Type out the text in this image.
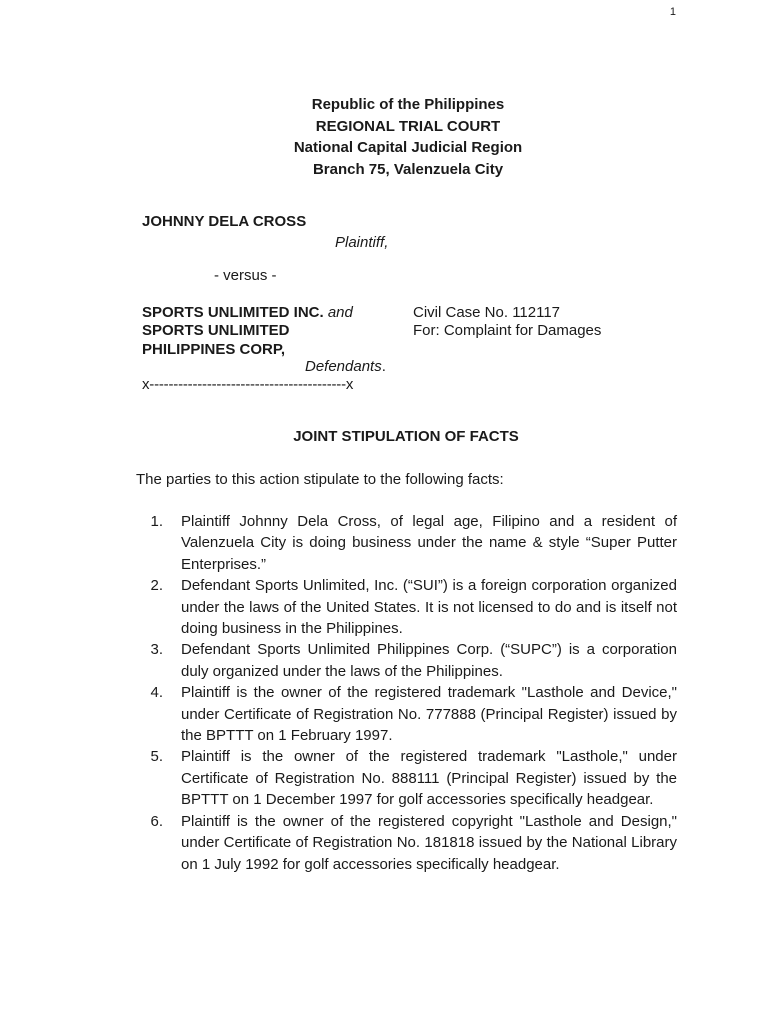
1
Republic of the Philippines
REGIONAL TRIAL COURT
National Capital Judicial Region
Branch 75, Valenzuela City
JOHNNY DELA CROSS
Plaintiff,
- versus -
SPORTS UNLIMITED INC. and
SPORTS UNLIMITED
PHILIPPINES CORP,
Defendants.
x-----------------------------------------x
Civil Case No. 112117
For: Complaint for Damages
JOINT STIPULATION OF FACTS
The parties to this action stipulate to the following facts:
1.	Plaintiff Johnny Dela Cross, of legal age, Filipino and a resident of Valenzuela City is doing business under the name & style “Super Putter Enterprises.”
2.	Defendant Sports Unlimited, Inc. (“SUI”) is a foreign corporation organized under the laws of the United States. It is not licensed to do and is itself not doing business in the Philippines.
3.	Defendant Sports Unlimited Philippines Corp. (“SUPC”) is a corporation duly organized under the laws of the Philippines.
4.	Plaintiff is the owner of the registered trademark "Lasthole and Device," under Certificate of Registration No. 777888 (Principal Register) issued by the BPTTT on 1 February 1997.
5.	Plaintiff is the owner of the registered trademark "Lasthole," under Certificate of Registration No. 888111 (Principal Register) issued by the BPTTT on 1 December 1997 for golf accessories specifically headgear.
6.	Plaintiff is the owner of the registered copyright "Lasthole and Design," under Certificate of Registration No. 181818 issued by the National Library on 1 July 1992 for golf accessories specifically headgear.
